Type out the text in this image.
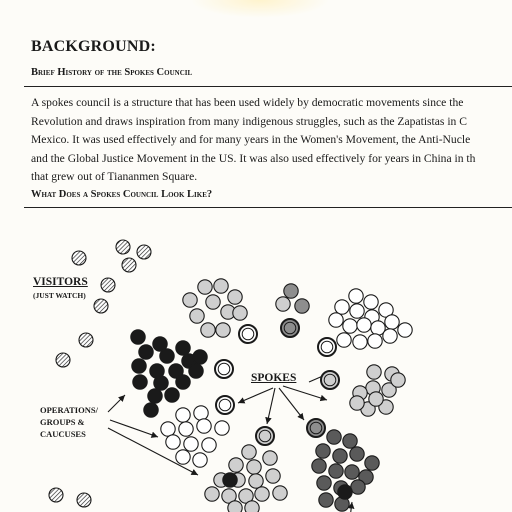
BACKGROUND:
Brief History of the Spokes Council
A spokes council is a structure that has been used widely by democratic movements since the
Revolution and draws inspiration from many indigenous struggles, such as the Zapatistas in C
Mexico. It was used effectively and for many years in the Women's Movement, the Anti-Nucle
and the Global Justice Movement in the US. It was also used effectively for years in China in th
that grew out of Tiananmen Square.
What Does a Spokes Council Look Like?
VISITORS
(JUST WATCH)
SPOKES
OPERATIONS/
GROUPS &
CAUCUSES
